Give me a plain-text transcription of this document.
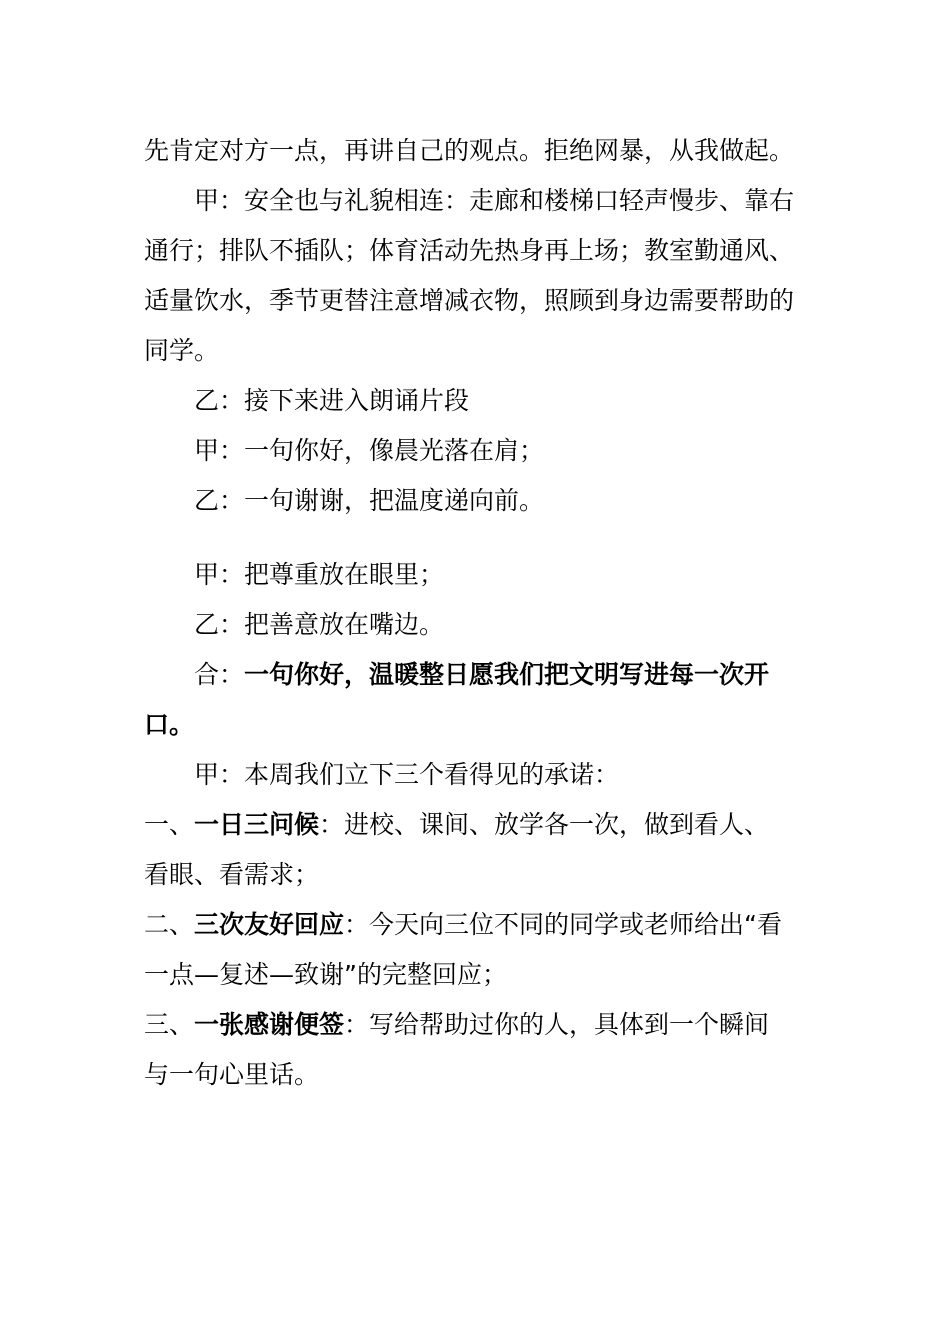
先肯定对方一点，再讲自己的观点。拒绝网暴，从我做起。

甲：安全也与礼貌相连：走廊和楼梯口轻声慢步、靠右通行；排队不插队；体育活动先热身再上场；教室勤通风、适量饮水，季节更替注意增减衣物，照顾到身边需要帮助的同学。

乙：接下来进入朗诵片段

甲：一句你好，像晨光落在肩；

乙：一句谢谢，把温度递向前。

甲：把尊重放在眼里；

乙：把善意放在嘴边。

合：一句你好，温暖整日愿我们把文明写进每一次开口。

甲：本周我们立下三个看得见的承诺：

一、一日三问候：进校、课间、放学各一次，做到看人、看眼、看需求；

二、三次友好回应：今天向三位不同的同学或老师给出“看一点—复述—致谢”的完整回应；

三、一张感谢便签：写给帮助过你的人，具体到一个瞬间与一句心里话。
